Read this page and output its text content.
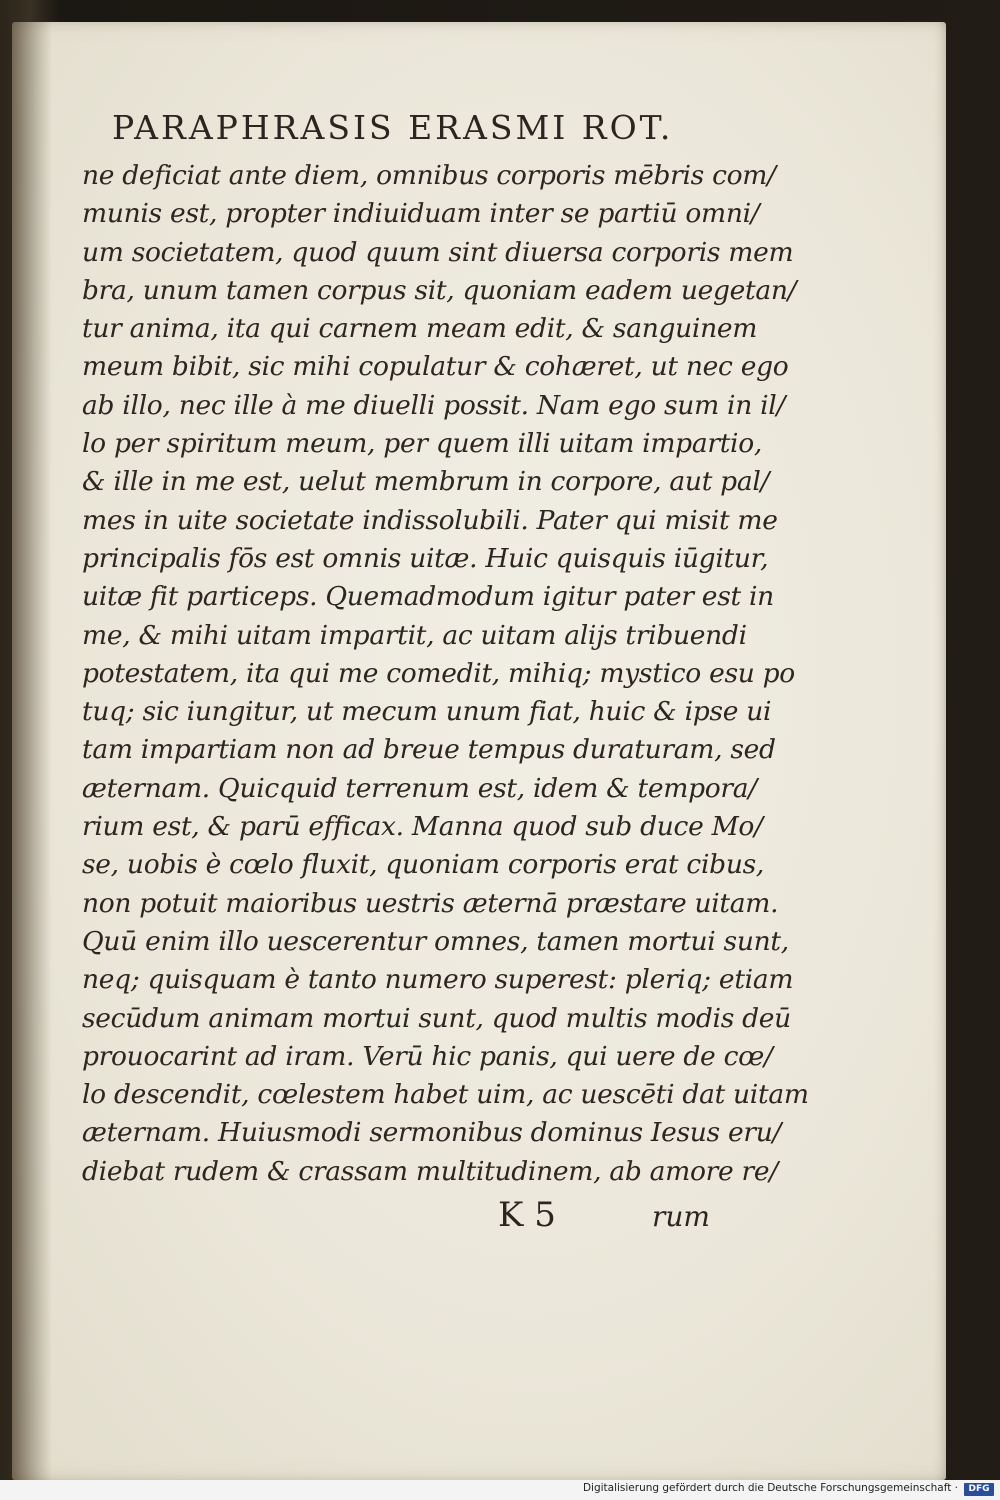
PARAPHRASIS ERASMI ROT.
ne deficiat ante diem, omnibus corporis mēbris com/
munis est, propter indiuiduam inter se partiū omni/
um societatem, quod quum sint diuersa corporis mem
bra, unum tamen corpus sit, quoniam eadem uegetan/
tur anima, ita qui carnem meam edit, & sanguinem
meum bibit, sic mihi copulatur & cohæret, ut nec ego
ab illo, nec ille à me diuelli possit. Nam ego sum in il/
lo per spiritum meum, per quem illi uitam impartio,
& ille in me est, uelut membrum in corpore, aut pal/
mes in uite societate indissolubili. Pater qui misit me
principalis fōs est omnis uitæ. Huic quisquis iūgitur,
uitæ fit particeps. Quemadmodum igitur pater est in
me, & mihi uitam impartit, ac uitam alijs tribuendi
potestatem, ita qui me comedit, mihiq; mystico esu po
tuq; sic iungitur, ut mecum unum fiat, huic & ipse ui
tam impartiam non ad breue tempus duraturam, sed
æternam. Quicquid terrenum est, idem & tempora/
rium est, & parū efficax. Manna quod sub duce Mo/
se, uobis è cœlo fluxit, quoniam corporis erat cibus,
non potuit maioribus uestris æternā præstare uitam.
Quū enim illo uescerentur omnes, tamen mortui sunt,
neq; quisquam è tanto numero superest: pleriq; etiam
secūdum animam mortui sunt, quod multis modis deū
prouocarint ad iram. Verū hic panis, qui uere de cœ/
lo descendit, cœlestem habet uim, ac uescēti dat uitam
æternam. Huiusmodi sermonibus dominus Iesus eru/
diebat rudem & crassam multitudinem, ab amore re/
K 5	rum
Digitalisierung gefördert durch die Deutsche Forschungsgemeinschaft ·	DFG
